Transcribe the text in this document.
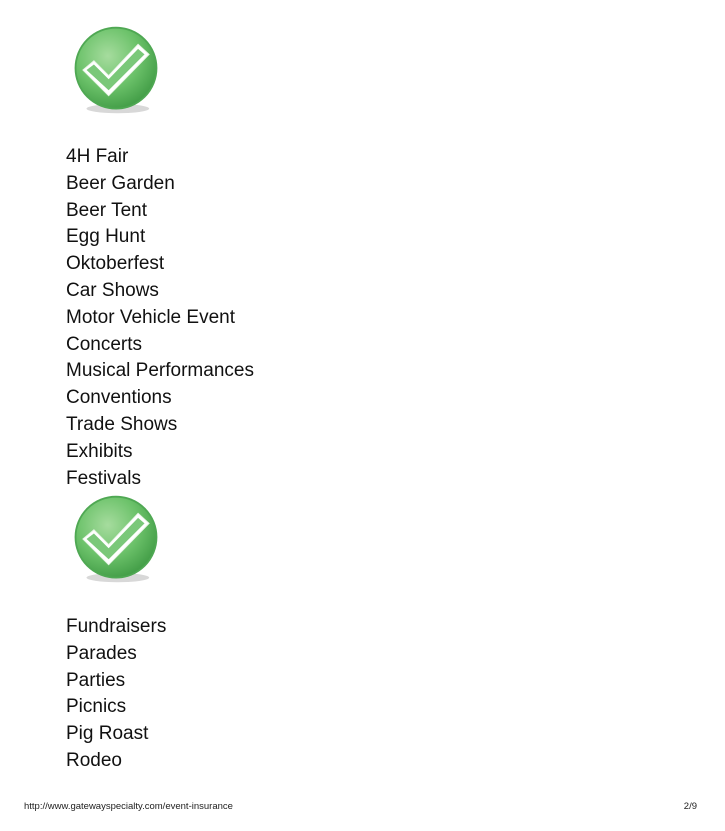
4H Fair
Beer Garden
Beer Tent
Egg Hunt
Oktoberfest
Car Shows
Motor Vehicle Event
Concerts
Musical Performances
Conventions
Trade Shows
Exhibits
Festivals
Fundraisers
Parades
Parties
Picnics
Pig Roast
Rodeo
http://www.gatewayspecialty.com/event-insurance	2/9
